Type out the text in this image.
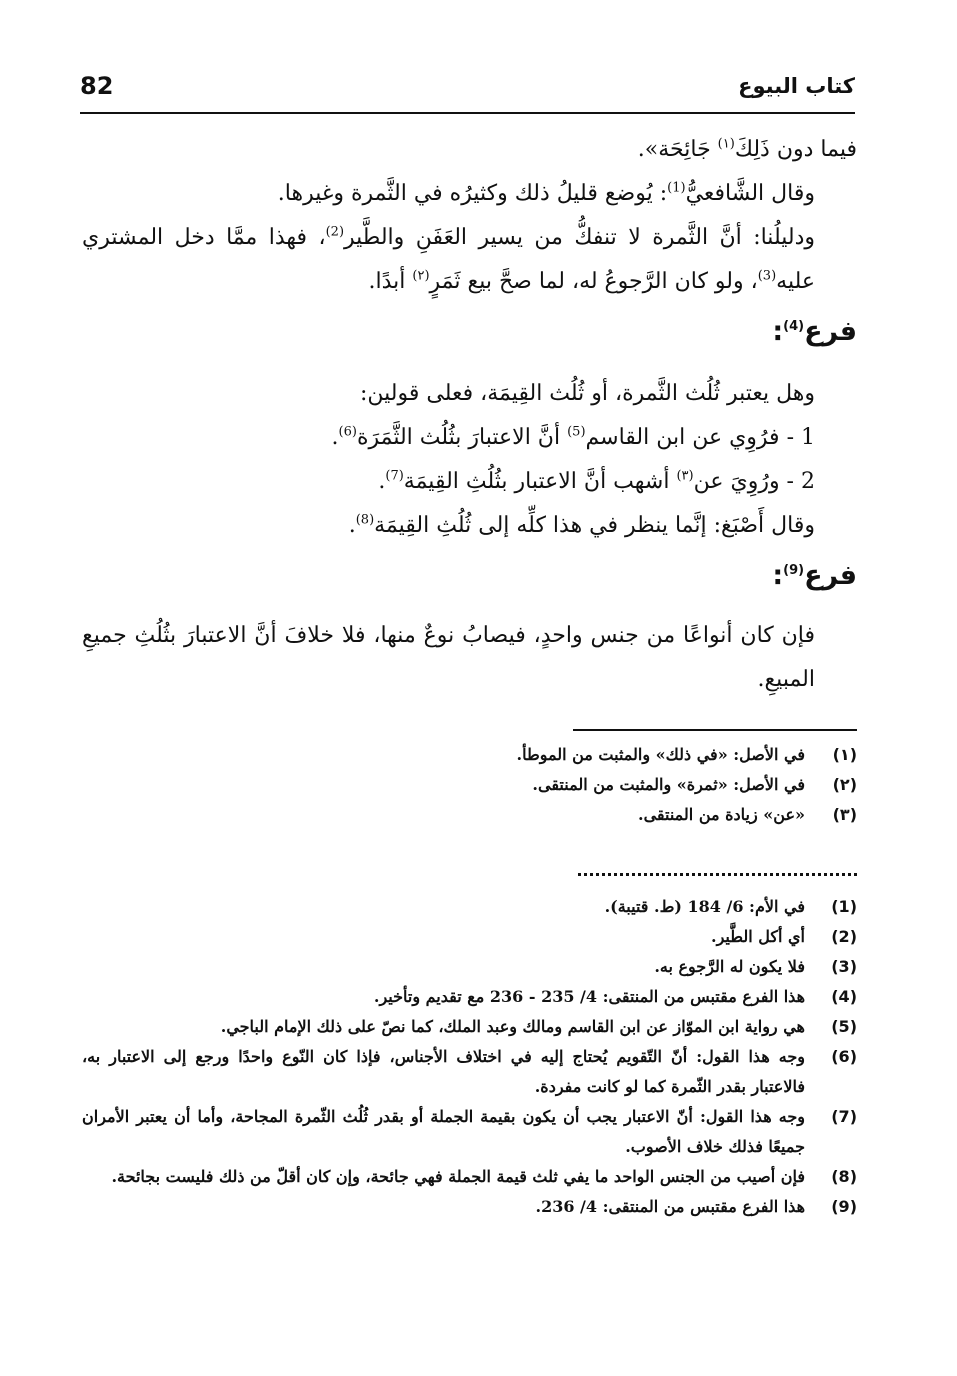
82	كتاب البيوع

فيما دون ذَلِكَ$^{(١)}$ جَائِحَة».

وقال الشَّافعيُّ$^{(1)}$: يُوضع قليلُ ذلك وكثيرُه في الثَّمرة وغيرها.

ودليلُنا: أنَّ الثَّمرة لا تنفكُّ من يسير العَفَنِ والطَّير$^{(2)}$، فهذا ممَّا دخل المشتري عليه$^{(3)}$، ولو كان الرَّجوعُ له، لما صحَّ بيع ثَمَرٍ$^{(٢)}$ أبدًا.

فرع$^{(4)}$:

وهل يعتبر ثُلُث الثَّمرة، أو ثُلُث القِيمَة، فعلى قولين:

1 - فرُوِي عن ابن القاسم$^{(5)}$ أنَّ الاعتبارَ بثُلُث الثَّمَرَة$^{(6)}$.

2 - ورُوِيَ عن$^{(٣)}$ أشهب أنَّ الاعتبار بثُلُثِ القِيمَة$^{(7)}$.

وقال أَصْبَغ: إنَّما ينظر في هذا كلِّه إلى ثُلُثِ القِيمَة$^{(8)}$.

فرع$^{(9)}$:

فإن كان أنواعًا من جنس واحدٍ، فيصابُ نوعٌ منها، فلا خلافَ أنَّ الاعتبارَ بثُلُثِ جميعِ المبيعِ.

(١)
في الأصل: «في ذلك» والمثبت من الموطأ.
(٢)
في الأصل: «ثمرة» والمثبت من المنتقى.
(٣)
«عن» زيادة من المنتقى.
(1)
في الأم: 6/ 184 (ط. قتيبة).
(2)
أي أكل الطَّير.
(3)
فلا يكون له الرَّجوع به.
(4)
هذا الفرع مقتبس من المنتقى: 4/ 235 - 236 مع تقديم وتأخير.
(5)
هي رواية ابن الموّاز عن ابن القاسم ومالك وعبد الملك، كما نصّ على ذلك الإمام الباجي.
(6)
وجه هذا القول: أنّ التّقويم يُحتاج إليه في اختلاف الأجناس، فإذا كان النّوع واحدًا ورجع إلى الاعتبار به، فالاعتبار بقدر الثّمرة كما لو كانت مفردة.
(7)
وجه هذا القول: أنّ الاعتبار يجب أن يكون بقيمة الجملة أو بقدر ثُلُث الثّمرة المجاحة، وأما أن يعتبر الأمران جميعًا فذلك خلاف الأصوب.
(8)
فإن أصيب من الجنس الواحد ما يفي ثلث قيمة الجملة فهي جائحة، وإن كان أقلّ من ذلك فليست بجائحة.
(9)
هذا الفرع مقتبس من المنتقى: 4/ 236.
